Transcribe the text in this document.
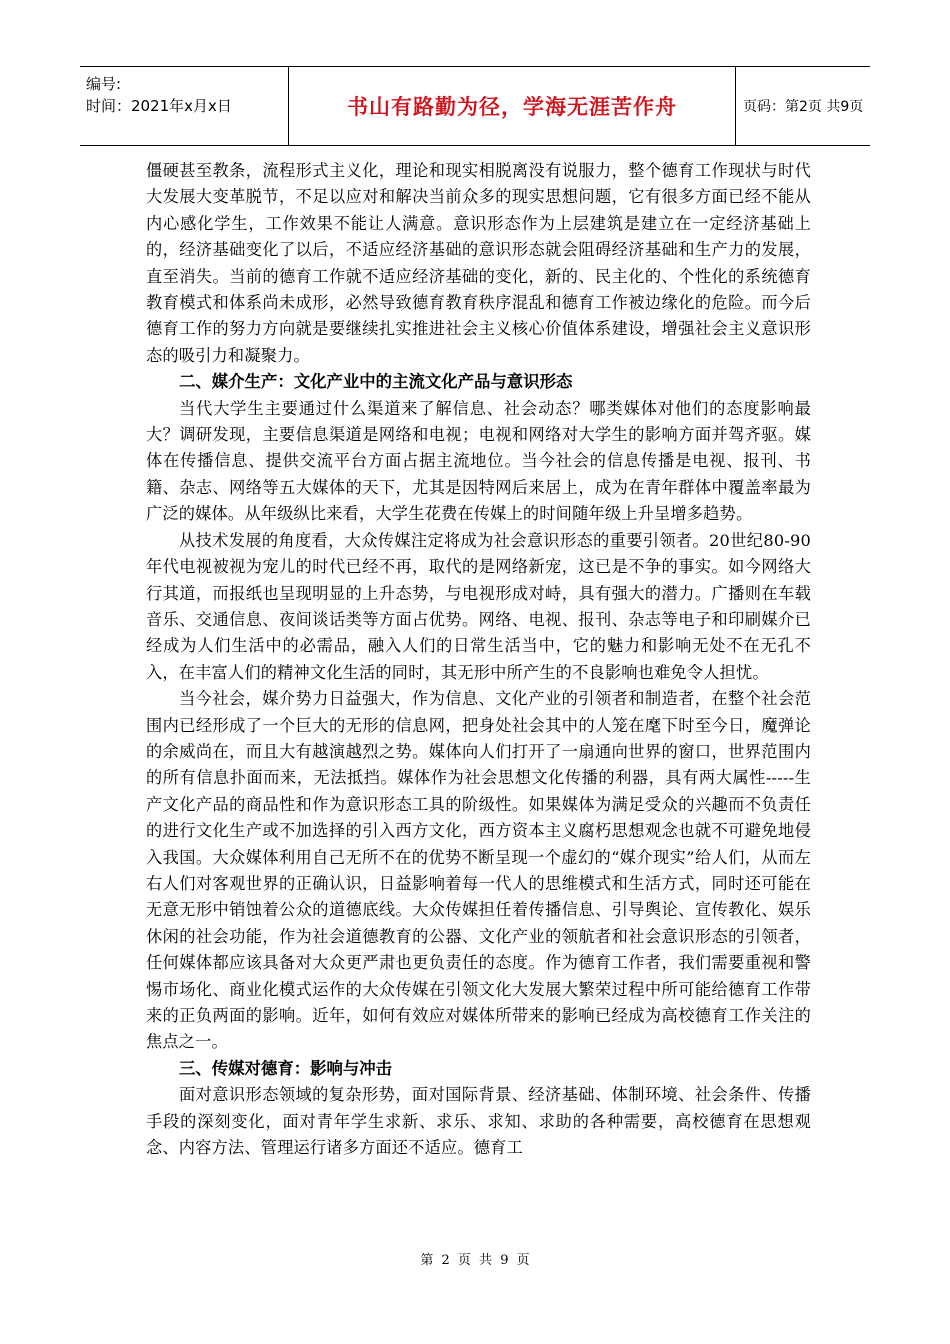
编号:
时间：2021年x月x日	书山有路勤为径，学海无涯苦作舟	页码：第2页 共9页

僵硬甚至教条，流程形式主义化，理论和现实相脱离没有说服力，整个德育工作现状与时代大发展大变革脱节，不足以应对和解决当前众多的现实思想问题，它有很多方面已经不能从内心感化学生，工作效果不能让人满意。意识形态作为上层建筑是建立在一定经济基础上的，经济基础变化了以后，不适应经济基础的意识形态就会阻碍经济基础和生产力的发展，直至消失。当前的德育工作就不适应经济基础的变化，新的、民主化的、个性化的系统德育教育模式和体系尚未成形，必然导致德育教育秩序混乱和德育工作被边缘化的危险。而今后德育工作的努力方向就是要继续扎实推进社会主义核心价值体系建设，增强社会主义意识形态的吸引力和凝聚力。

二、媒介生产：文化产业中的主流文化产品与意识形态

当代大学生主要通过什么渠道来了解信息、社会动态？哪类媒体对他们的态度影响最大？调研发现，主要信息渠道是网络和电视；电视和网络对大学生的影响方面并驾齐驱。媒体在传播信息、提供交流平台方面占据主流地位。当今社会的信息传播是电视、报刊、书籍、杂志、网络等五大媒体的天下，尤其是因特网后来居上，成为在青年群体中覆盖率最为广泛的媒体。从年级纵比来看，大学生花费在传媒上的时间随年级上升呈增多趋势。

从技术发展的角度看，大众传媒注定将成为社会意识形态的重要引领者。20世纪80-90年代电视被视为宠儿的时代已经不再，取代的是网络新宠，这已是不争的事实。如今网络大行其道，而报纸也呈现明显的上升态势，与电视形成对峙，具有强大的潜力。广播则在车载音乐、交通信息、夜间谈话类等方面占优势。网络、电视、报刊、杂志等电子和印刷媒介已经成为人们生活中的必需品，融入人们的日常生活当中，它的魅力和影响无处不在无孔不入，在丰富人们的精神文化生活的同时，其无形中所产生的不良影响也难免令人担忧。

当今社会，媒介势力日益强大，作为信息、文化产业的引领者和制造者，在整个社会范围内已经形成了一个巨大的无形的信息网，把身处社会其中的人笼在麾下时至今日，魔弹论的余威尚在，而且大有越演越烈之势。媒体向人们打开了一扇通向世界的窗口，世界范围内的所有信息扑面而来，无法抵挡。媒体作为社会思想文化传播的利器，具有两大属性-----生产文化产品的商品性和作为意识形态工具的阶级性。如果媒体为满足受众的兴趣而不负责任的进行文化生产或不加选择的引入西方文化，西方资本主义腐朽思想观念也就不可避免地侵入我国。大众媒体利用自己无所不在的优势不断呈现一个虚幻的“媒介现实”给人们，从而左右人们对客观世界的正确认识，日益影响着每一代人的思维模式和生活方式，同时还可能在无意无形中销蚀着公众的道德底线。大众传媒担任着传播信息、引导舆论、宣传教化、娱乐休闲的社会功能，作为社会道德教育的公器、文化产业的领航者和社会意识形态的引领者，任何媒体都应该具备对大众更严肃也更负责任的态度。作为德育工作者，我们需要重视和警惕市场化、商业化模式运作的大众传媒在引领文化大发展大繁荣过程中所可能给德育工作带来的正负两面的影响。近年，如何有效应对媒体所带来的影响已经成为高校德育工作关注的焦点之一。

三、传媒对德育：影响与冲击

面对意识形态领域的复杂形势，面对国际背景、经济基础、体制环境、社会条件、传播手段的深刻变化，面对青年学生求新、求乐、求知、求助的各种需要，高校德育在思想观念、内容方法、管理运行诸多方面还不适应。德育工

第 2 页 共 9 页
